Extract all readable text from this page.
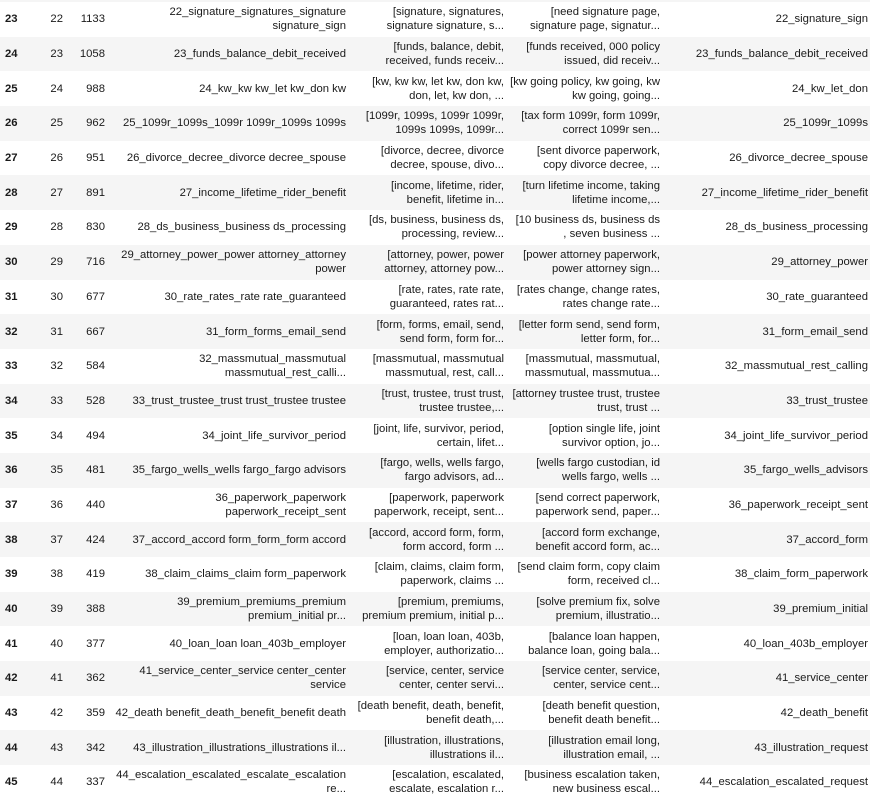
23	22	1133	22_signature_signatures_signature signature_sign	[signature, signatures, signature signature, s...	[need signature page, signature page, signatur...	22_signature_sign
24	23	1058	23_funds_balance_debit_received	[funds, balance, debit, received, funds receiv...	[funds received, 000 policy issued, did receiv...	23_funds_balance_debit_received
25	24	988	24_kw_kw kw_let kw_don kw	[kw, kw kw, let kw, don kw, don, let, kw don, ...	[kw going policy, kw going, kw kw going, going...	24_kw_let_don
26	25	962	25_1099r_1099s_1099r 1099r_1099s 1099s	[1099r, 1099s, 1099r 1099r, 1099s 1099s, 1099r...	[tax form 1099r, form 1099r, correct 1099r sen...	25_1099r_1099s
27	26	951	26_divorce_decree_divorce decree_spouse	[divorce, decree, divorce decree, spouse, divo...	[sent divorce paperwork, copy divorce decree, ...	26_divorce_decree_spouse
28	27	891	27_income_lifetime_rider_benefit	[income, lifetime, rider, benefit, lifetime in...	[turn lifetime income, taking lifetime income,...	27_income_lifetime_rider_benefit
29	28	830	28_ds_business_business ds_processing	[ds, business, business ds, processing, review...	[10 business ds, business ds , seven business ...	28_ds_business_processing
30	29	716	29_attorney_power_power attorney_attorney power	[attorney, power, power attorney, attorney pow...	[power attorney paperwork, power attorney sign...	29_attorney_power
31	30	677	30_rate_rates_rate rate_guaranteed	[rate, rates, rate rate, guaranteed, rates rat...	[rates change, change rates, rates change rate...	30_rate_guaranteed
32	31	667	31_form_forms_email_send	[form, forms, email, send, send form, form for...	[letter form send, send form, letter form, for...	31_form_email_send
33	32	584	32_massmutual_massmutual massmutual_rest_calli...	[massmutual, massmutual massmutual, rest, call...	[massmutual, massmutual, massmutual, massmutua...	32_massmutual_rest_calling
34	33	528	33_trust_trustee_trust trust_trustee trustee	[trust, trustee, trust trust, trustee trustee,...	[attorney trustee trust, trustee trust, trust ...	33_trust_trustee
35	34	494	34_joint_life_survivor_period	[joint, life, survivor, period, certain, lifet...	[option single life, joint survivor option, jo...	34_joint_life_survivor_period
36	35	481	35_fargo_wells_wells fargo_fargo advisors	[fargo, wells, wells fargo, fargo advisors, ad...	[wells fargo custodian, id wells fargo, wells ...	35_fargo_wells_advisors
37	36	440	36_paperwork_paperwork paperwork_receipt_sent	[paperwork, paperwork paperwork, receipt, sent...	[send correct paperwork, paperwork send, paper...	36_paperwork_receipt_sent
38	37	424	37_accord_accord form_form_form accord	[accord, accord form, form, form accord, form ...	[accord form exchange, benefit accord form, ac...	37_accord_form
39	38	419	38_claim_claims_claim form_paperwork	[claim, claims, claim form, paperwork, claims ...	[send claim form, copy claim form, received cl...	38_claim_form_paperwork
40	39	388	39_premium_premiums_premium premium_initial pr...	[premium, premiums, premium premium, initial p...	[solve premium fix, solve premium, illustratio...	39_premium_initial
41	40	377	40_loan_loan loan_403b_employer	[loan, loan loan, 403b, employer, authorizatio...	[balance loan happen, balance loan, going bala...	40_loan_403b_employer
42	41	362	41_service_center_service center_center service	[service, center, service center, center servi...	[service center, service, center, service cent...	41_service_center
43	42	359	42_death benefit_death_benefit_benefit death	[death benefit, death, benefit, benefit death,...	[death benefit question, benefit death benefit...	42_death_benefit
44	43	342	43_illustration_illustrations_illustrations il...	[illustration, illustrations, illustrations il...	[illustration email long, illustration email, ...	43_illustration_request
45	44	337	44_escalation_escalated_escalate_escalation re...	[escalation, escalated, escalate, escalation r...	[business escalation taken, new business escal...	44_escalation_escalated_request
